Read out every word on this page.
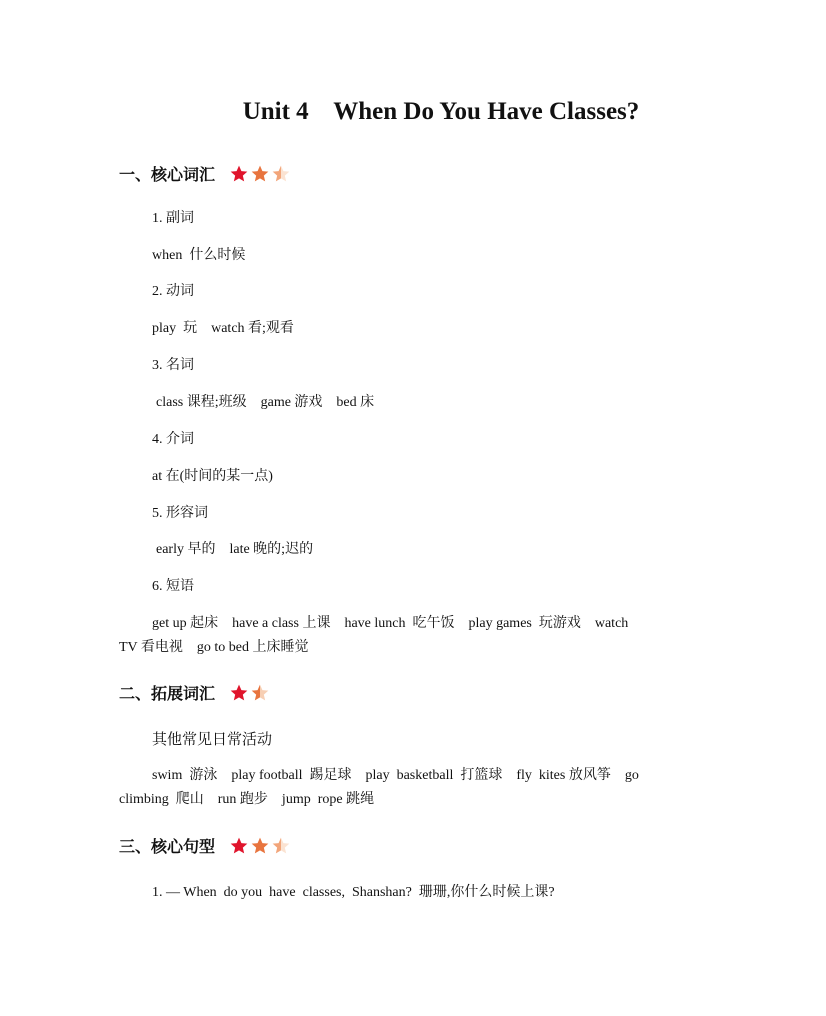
Unit 4    When Do You Have Classes?
一、核心词汇
1. 副词
when  什么时候
2. 动词
play  玩    watch 看;观看
3. 名词
class 课程;班级    game 游戏    bed 床
4. 介词
at 在(时间的某一点)
5. 形容词
early 早的    late 晚的;迟的
6. 短语
get up 起床    have a class 上课    have lunch  吃午饭    play games  玩游戏    watch
TV 看电视    go to bed 上床睡觉
二、拓展词汇
其他常见日常活动
swim  游泳    play football  踢足球    play  basketball  打篮球    fly  kites 放风筝    go
climbing  爬山    run 跑步    jump  rope 跳绳
三、核心句型
1. — When  do you  have  classes,  Shanshan?  珊珊,你什么时候上课?
